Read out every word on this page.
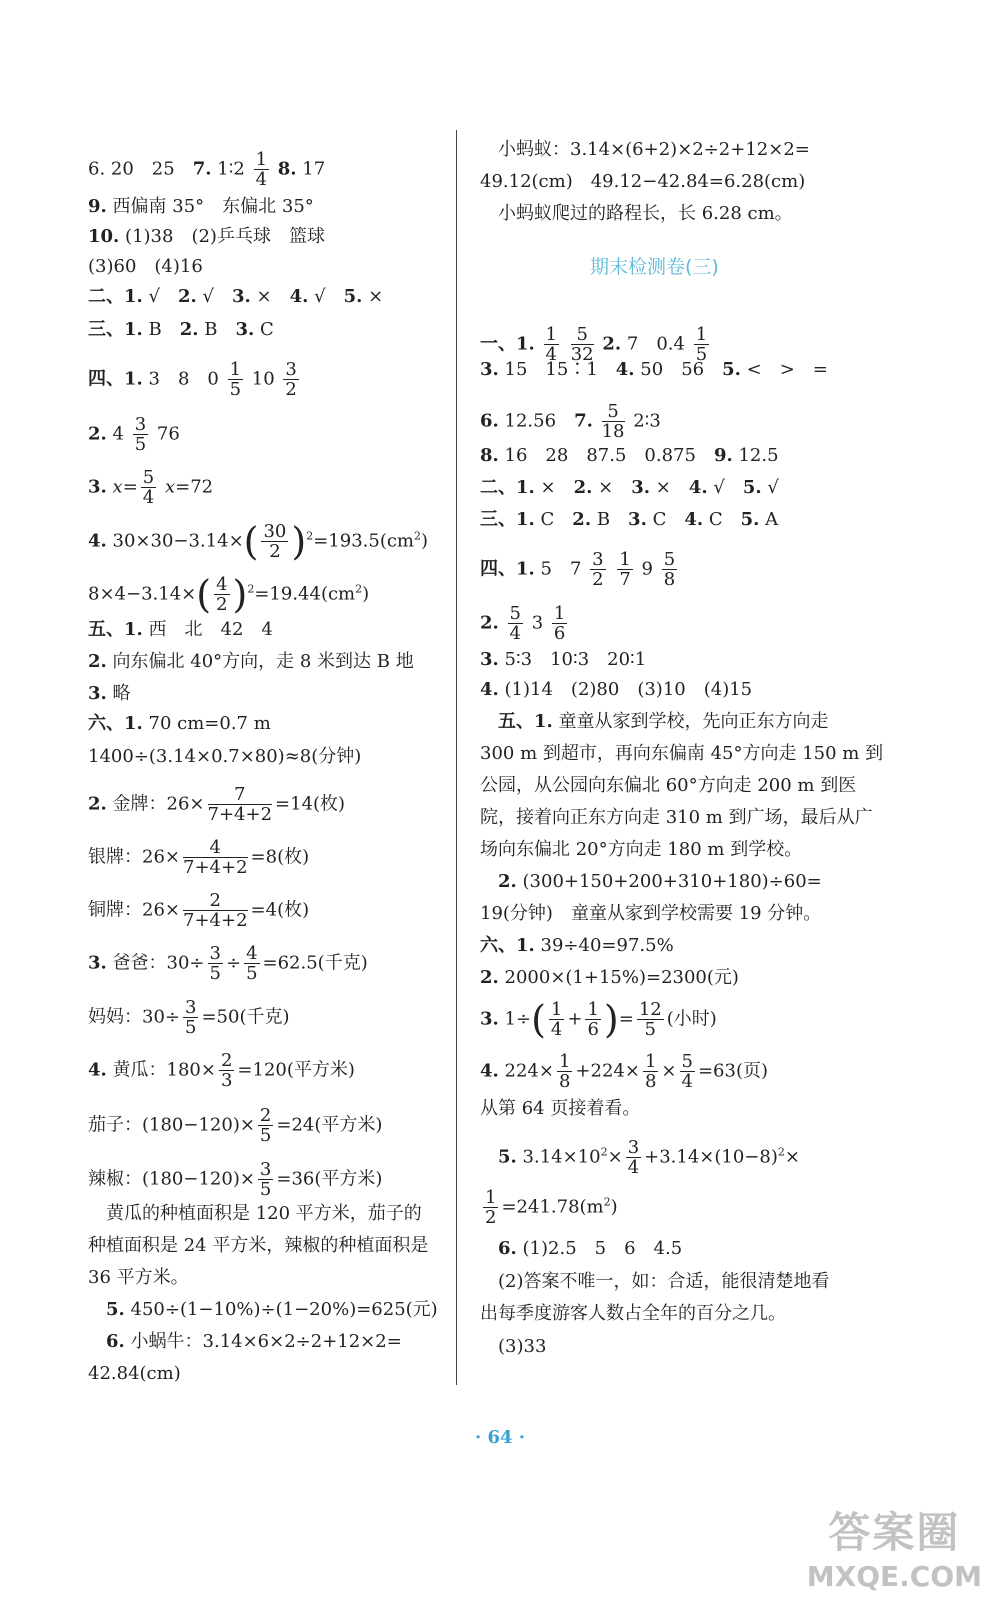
6. 20　25　7. 1∶2 $\frac{1}{4} 8$. 17
9. 西偏南 35°　东偏北 35°
10. (1)38　(2)乒乓球　篮球
(3)60　(4)16
二、1. √　2. √　3. ×　4. √　5. ×
三、1. B　2. B　3. C
四、1. 3　8　$0 \frac{1}{5} 10 \frac{3}{2}$
2. $4 \frac{3}{5} 76$
3. $x= \frac{5}{4} x=72$
4. $30\times 30-3.14\times( \frac{30}{2} )^2=193.5(cm^2)$
$8\times 4-3.14\times( \frac{4}{2} )^2=19.44(cm^2)$
五、1. 西　北　42　4
2. 向东偏北 40°方向，走 8 米到达 B 地
3. 略
六、1. 70 cm=0.7 m
1400÷(3.14×0.7×80)≈8(分钟)
2. 金牌：$26\times \frac{7}{7+4+2} =14$(枚)
银牌：$26\times \frac{4}{7+4+2} =8$(枚)
铜牌：$26\times \frac{2}{7+4+2} =4$(枚)
3. 爸爸：$30\div \frac{3}{5} \div \frac{4}{5} =62.5$(千克)
妈妈：$30\div \frac{3}{5} =50$(千克)
4. 黄瓜：$180\times \frac{2}{3} =120$(平方米)
茄子：$(180-120)\times \frac{2}{5} =24$(平方米)
辣椒：$(180-120)\times \frac{3}{5} =36$(平方米)
　黄瓜的种植面积是 120 平方米，茄子的
种植面积是 24 平方米，辣椒的种植面积是
36 平方米。
　5. 450÷(1−10%)÷(1−20%)=625(元)
　6. 小蜗牛：3.14×6×2÷2+12×2=
42.84(cm)
　小蚂蚁：3.14×(6+2)×2÷2+12×2=
49.12(cm)　49.12−42.84=6.28(cm)
　小蚂蚁爬过的路程长，长 6.28 cm。
一、1. $\frac{1}{4}$
$\frac{5}{32} 2$. 7　$0.4 \frac{1}{5}$
3. 15　15∶1　4. 50　56　5. <　>　=
6. 12.56　7. $\frac{5}{18}$ 2∶3
8. 16　28　87.5　0.875　9. 12.5
二、1. ×　2. ×　3. ×　4. √　5. √
三、1. C　2. B　3. C　4. C　5. A
四、1. 5　$7 \frac{3}{2}$
$\frac{1}{7} 9 \frac{5}{8}$
2. $\frac{5}{4} 3 \frac{1}{6}$
3. 5∶3　10∶3　20∶1
4. (1)14　(2)80　(3)10　(4)15
　五、1. 童童从家到学校，先向正东方向走
300 m 到超市，再向东偏南 45°方向走 150 m 到
公园，从公园向东偏北 60°方向走 200 m 到医
院，接着向正东方向走 310 m 到广场，最后从广
场向东偏北 20°方向走 180 m 到学校。
　2. (300+150+200+310+180)÷60=
19(分钟)　童童从家到学校需要 19 分钟。
六、1. 39÷40=97.5%
2. 2000×(1+15%)=2300(元)
3. $1\div( \frac{1}{4} + \frac{1}{6}$ )= $\frac{12}{5}$ (小时)
4. $224\times \frac{1}{8} +224\times \frac{1}{8} \times \frac{5}{4} =63$(页)
从第 64 页接着看。
　5. $3.14\times 10^2\times \frac{3}{4} +3.14\times(10-8)^2\times$
$\frac{1}{2} =241.78(m^2)$
　6. (1)2.5　5　6　4.5
　(2)答案不唯一，如：合适，能很清楚地看
出每季度游客人数占全年的百分之几。
　(3)33
期末检测卷(三)
· 64 ·
答案圈
MXQE.COM
